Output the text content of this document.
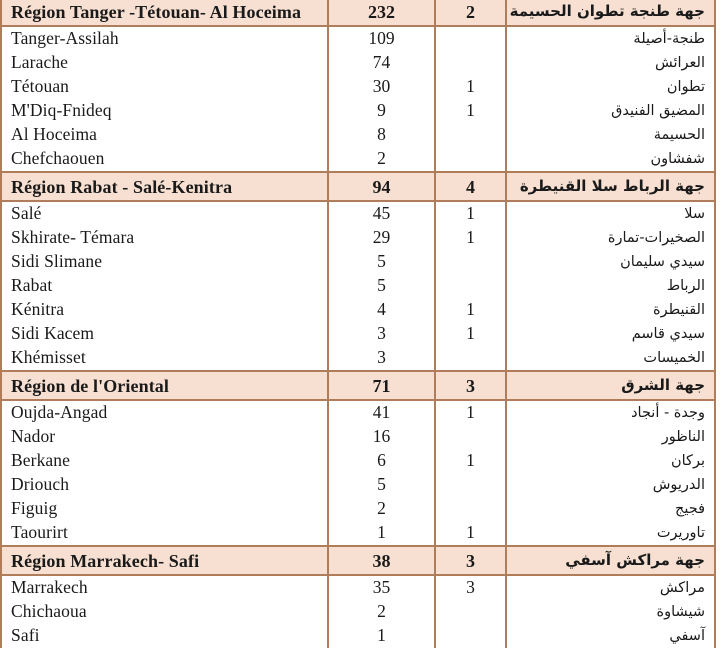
Région Tanger -Tétouan- Al Hoceima	232	2	جهة طنجة تطوان الحسيمة
Tanger-Assilah	109		طنجة-أصيلة
Larache	74		العرائش
Tétouan	30	1	تطوان
M'Diq-Fnideq	9	1	المضيق الفنيدق
Al Hoceima	8		الحسيمة
Chefchaouen	2		شفشاون
Région Rabat - Salé-Kenitra	94	4	جهة الرباط سلا القنيطرة
Salé	45	1	سلا
Skhirate- Témara	29	1	الصخيرات-تمارة
Sidi Slimane	5		سيدي سليمان
Rabat	5		الرباط
Kénitra	4	1	القنيطرة
Sidi Kacem	3	1	سيدي قاسم
Khémisset	3		الخميسات
Région de l'Oriental	71	3	جهة الشرق
Oujda-Angad	41	1	وجدة - أنجاد
Nador	16		الناظور
Berkane	6	1	بركان
Driouch	5		الدريوش
Figuig	2		فجيج
Taourirt	1	1	تاوريرت
Région Marrakech- Safi	38	3	جهة مراكش آسفي
Marrakech	35	3	مراكش
Chichaoua	2		شيشاوة
Safi	1		آسفي
